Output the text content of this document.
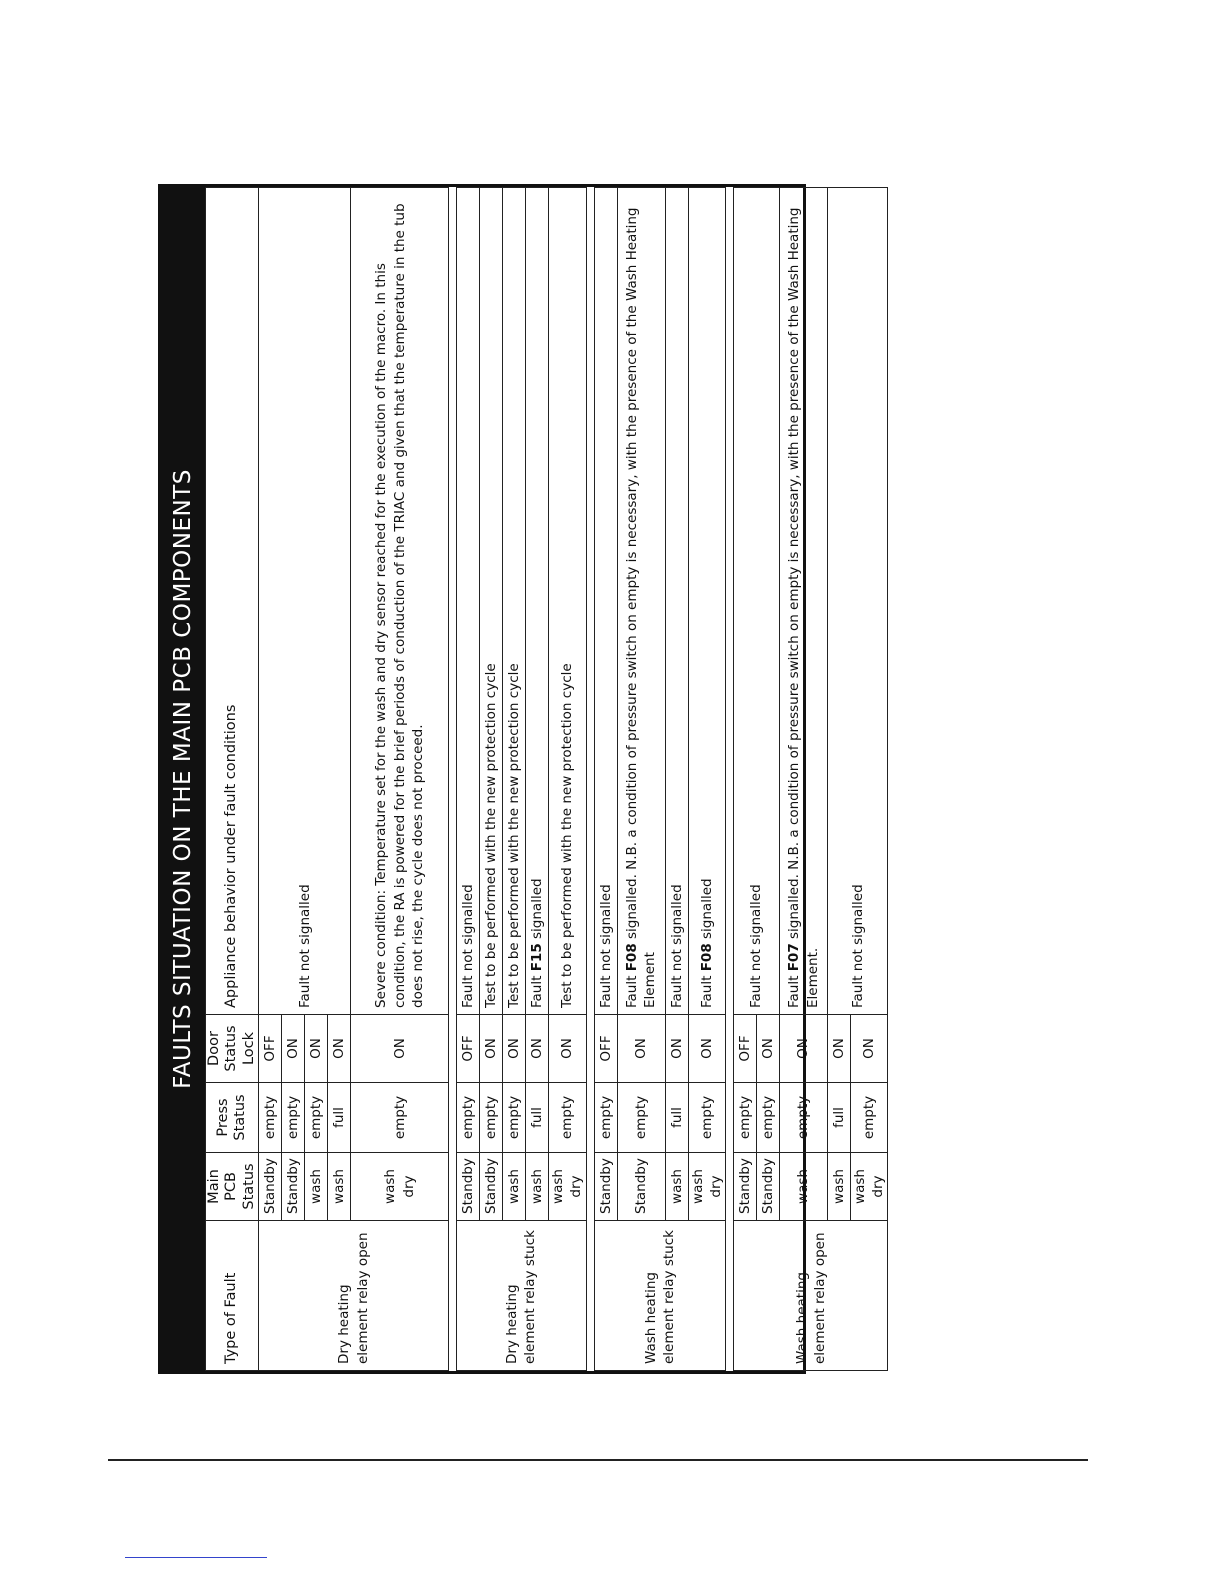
FAULTS SITUATION ON THE MAIN PCB COMPONENTS
Type of Fault	Main PCB Status	Press Status	Door Status Lock	Appliance behavior under fault conditions
Dry heating element relay open	Standby	empty	OFF	Fault not signalled
	Standby	empty	ON	
	wash	empty	ON	
	wash	full	ON	
	wash dry	empty	ON	Severe condition: Temperature set for the wash and dry sensor reached for the execution of the macro. In this condition, the RA is powered for the brief periods of conduction of the TRIAC and given that the temperature in the tub does not rise, the cycle does not proceed.

Dry heating element relay stuck	Standby	empty	OFF	Fault not signalled
	Standby	empty	ON	Test to be performed with the new protection cycle
	wash	empty	ON	Test to be performed with the new protection cycle
	wash	full	ON	Fault F15 signalled
	wash dry	empty	ON	Test to be performed with the new protection cycle

Wash heating element relay stuck	Standby	empty	OFF	Fault not signalled
	Standby	empty	ON	Fault F08 signalled. N.B. a condition of pressure switch on empty is necessary, with the presence of the Wash Heating Element
	wash	full	ON	Fault not signalled
	wash dry	empty	ON	Fault F08 signalled

Wash heating element relay open	Standby	empty	OFF	Fault not signalled
	Standby	empty	ON	
	wash	empty	ON	Fault F07 signalled. N.B. a condition of pressure switch on empty is necessary, with the presence of the Wash Heating Element.
	wash	full	ON	Fault not signalled
	wash dry	empty	ON	
